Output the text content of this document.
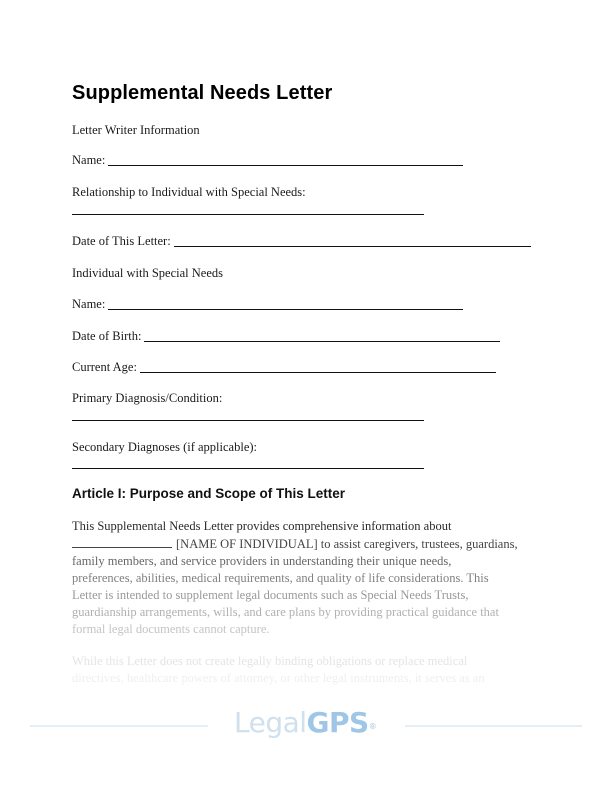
Supplemental Needs Letter
Letter Writer Information
Name:
Relationship to Individual with Special Needs:
Date of This Letter:
Individual with Special Needs
Name:
Date of Birth:
Current Age:
Primary Diagnosis/Condition:
Secondary Diagnoses (if applicable):
Article I: Purpose and Scope of This Letter
This Supplemental Needs Letter provides comprehensive information about
[NAME OF INDIVIDUAL] to assist caregivers, trustees, guardians,
family members, and service providers in understanding their unique needs,
preferences, abilities, medical requirements, and quality of life considerations. This
Letter is intended to supplement legal documents such as Special Needs Trusts,
guardianship arrangements, wills, and care plans by providing practical guidance that
formal legal documents cannot capture.
While this Letter does not create legally binding obligations or replace medical
directives, healthcare powers of attorney, or other legal instruments, it serves as an
LegalGPS®
